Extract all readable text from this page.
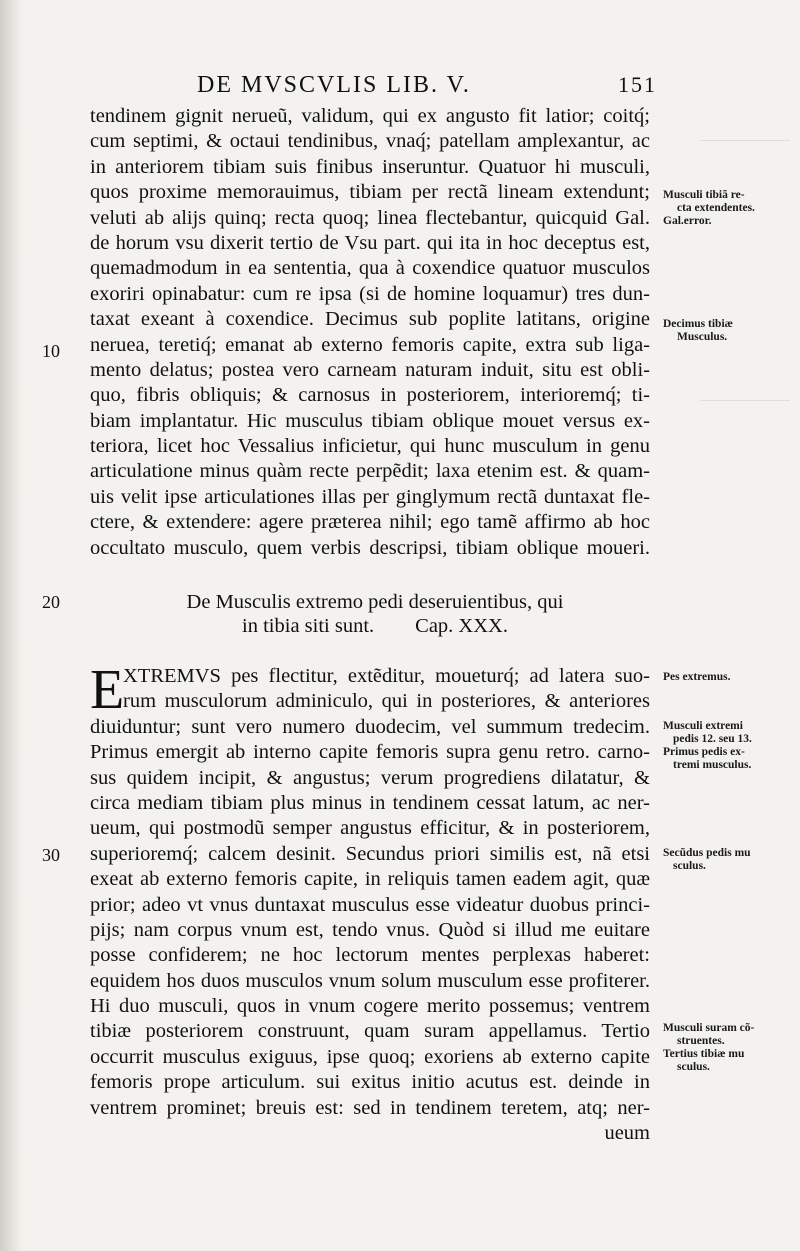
DE MVSCVLIS LIB. V.	151
tendinem gignit nerueũ, validum, qui ex angusto fit latior; coitq́;
cum septimi, & octaui tendinibus, vnaq́; patellam amplexantur, ac
in anteriorem tibiam suis finibus inseruntur. Quatuor hi musculi,
quos proxime memorauimus, tibiam per rectã lineam extendunt;
veluti ab alijs quinq; recta quoq; linea flectebantur, quicquid Gal.
de horum vsu dixerit tertio de Vsu part. qui ita in hoc deceptus est,
quemadmodum in ea sententia, qua à coxendice quatuor musculos
exoriri opinabatur: cum re ipsa (si de homine loquamur) tres dun-
taxat exeant à coxendice. Decimus sub poplite latitans, origine
neruea, teretiq́; emanat ab externo femoris capite, extra sub liga-
mento delatus; postea vero carneam naturam induit, situ est obli-
quo, fibris obliquis; & carnosus in posteriorem, interioremq́; ti-
biam implantatur. Hic musculus tibiam oblique mouet versus ex-
teriora, licet hoc Vessalius inficietur, qui hunc musculum in genu
articulatione minus quàm recte perpẽdit; laxa etenim est. & quam-
uis velit ipse articulationes illas per ginglymum rectã duntaxat fle-
ctere, & extendere: agere præterea nihil; ego tamẽ affirmo ab hoc
occultato musculo, quem verbis descripsi, tibiam oblique moueri.
De Musculis extremo pedi deseruientibus, qui
in tibia siti sunt.        Cap. XXX.
E
XTREMVS pes flectitur, extẽditur, moueturq́; ad latera suo-
rum musculorum adminiculo, qui in posteriores, & anteriores
diuiduntur; sunt vero numero duodecim, vel summum tredecim.
Primus emergit ab interno capite femoris supra genu retro. carno-
sus quidem incipit, & angustus; verum progrediens dilatatur, &
circa mediam tibiam plus minus in tendinem cessat latum, ac ner-
ueum, qui postmodũ semper angustus efficitur, & in posteriorem,
superioremq́; calcem desinit. Secundus priori similis est, nã etsi
exeat ab externo femoris capite, in reliquis tamen eadem agit, quæ
prior; adeo vt vnus duntaxat musculus esse videatur duobus princi-
pijs; nam corpus vnum est, tendo vnus. Quòd si illud me euitare
posse confiderem; ne hoc lectorum mentes perplexas haberet:
equidem hos duos musculos vnum solum musculum esse profiterer.
Hi duo musculi, quos in vnum cogere merito possemus; ventrem
tibiæ posteriorem construunt, quam suram appellamus. Tertio
occurrit musculus exiguus, ipse quoq; exoriens ab externo capite
femoris prope articulum. sui exitus initio acutus est. deinde in
ventrem prominet; breuis est: sed in tendinem teretem, atq; ner-
ueum
10
20
30
Musculi tibiã re-
cta extendentes.
Gal.error.
Decimus tibiæ
Musculus.
Pes extremus.
Musculi extremi
pedis 12. seu 13.
Primus pedis ex-
tremi musculus.
Secũdus pedis mu
sculus.
Musculi suram cõ-
struentes.
Tertius tibiæ mu
sculus.
